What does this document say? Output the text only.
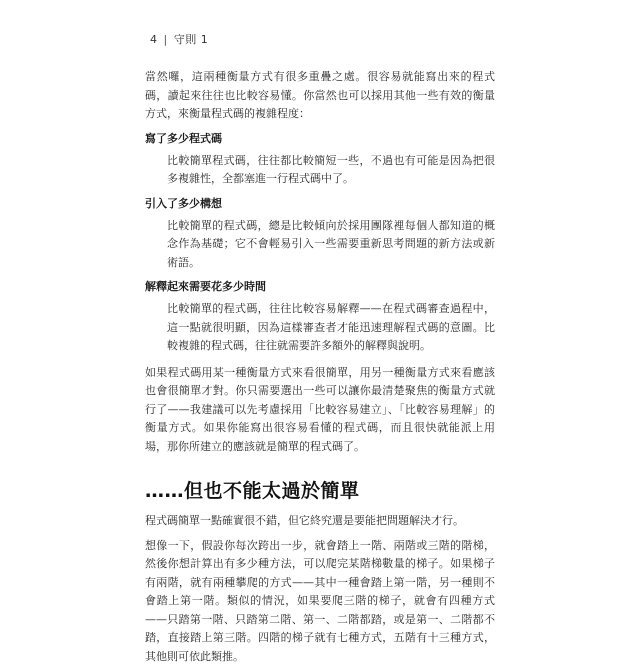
4 | 守則 1

當然囉，這兩種衡量方式有很多重疊之處。很容易就能寫出來的程式碼，讀起來往往也比較容易懂。你當然也可以採用其他一些有效的衡量方式，來衡量程式碼的複雜程度：

寫了多少程式碼

比較簡單程式碼，往往都比較簡短一些，不過也有可能是因為把很多複雜性，全都塞進一行程式碼中了。

引入了多少構想

比較簡單的程式碼，總是比較傾向於採用團隊裡每個人都知道的概念作為基礎；它不會輕易引入一些需要重新思考問題的新方法或新術語。

解釋起來需要花多少時間

比較簡單的程式碼，往往比較容易解釋——在程式碼審查過程中，這一點就很明顯，因為這樣審查者才能迅速理解程式碼的意圖。比較複雜的程式碼，往往就需要許多額外的解釋與說明。

如果程式碼用某一種衡量方式來看很簡單，用另一種衡量方式來看應該也會很簡單才對。你只需要選出一些可以讓你最清楚聚焦的衡量方式就行了——我建議可以先考慮採用「比較容易建立」、「比較容易理解」的衡量方式。如果你能寫出很容易看懂的程式碼，而且很快就能派上用場，那你所建立的應該就是簡單的程式碼了。

……但也不能太過於簡單

程式碼簡單一點確實很不錯，但它終究還是要能把問題解決才行。

想像一下，假設你每次跨出一步，就會踏上一階、兩階或三階的階梯，然後你想計算出有多少種方法，可以爬完某階梯數量的梯子。如果梯子有兩階，就有兩種攀爬的方式——其中一種會踏上第一階，另一種則不會踏上第一階。類似的情況，如果要爬三階的梯子，就會有四種方式——只踏第一階、只踏第二階、第一、二階都踏，或是第一、二階都不踏，直接踏上第三階。四階的梯子就有七種方式，五階有十三種方式，其他則可依此類推。
